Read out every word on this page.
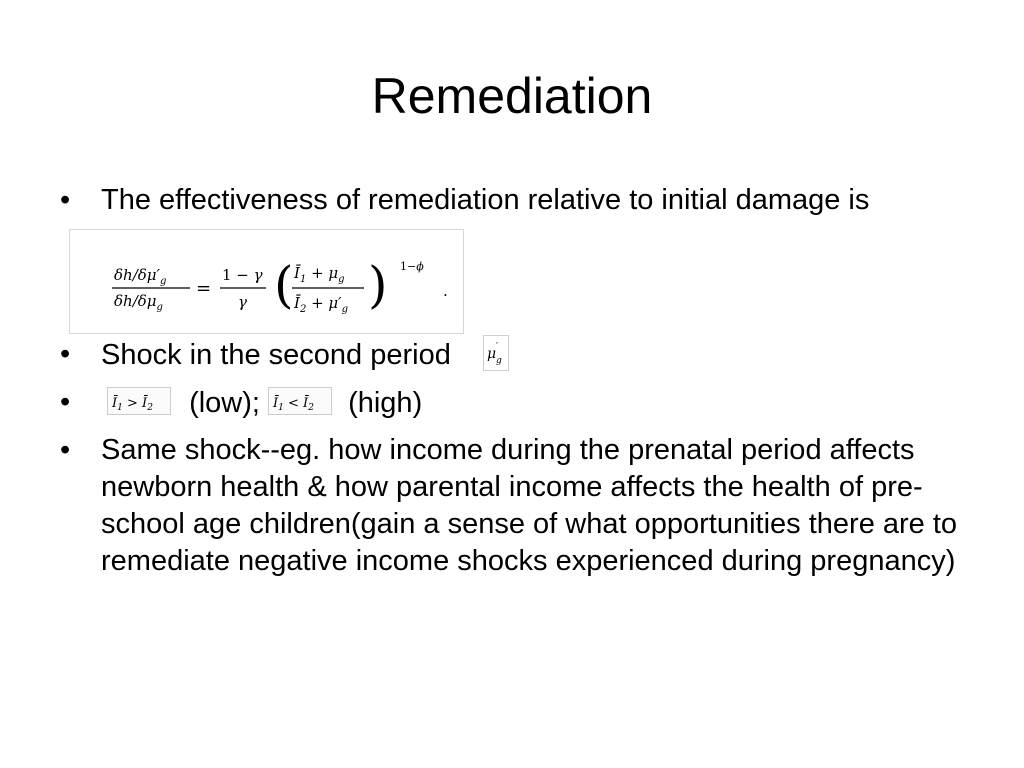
Remediation
• The effectiveness of remediation relative to initial damage is
$\delta h/\delta\mu'_g$
$\delta h/\delta\mu_g$
=
1 − γ
γ ( $Ī_1 + \mu_g$
$Ī_2 + \mu'_g$ ) 1−ϕ
.
• Shock in the second period	μ ′
g
•	$Ī_1$ > $Ī_2$ (low); $Ī_1$ < $Ī_2$ (high)
• Same shock--eg. how income during the prenatal period affects newborn health & how parental income affects the health of pre-school age children(gain a sense of what opportunities there are to remediate negative income shocks experienced during pregnancy)
